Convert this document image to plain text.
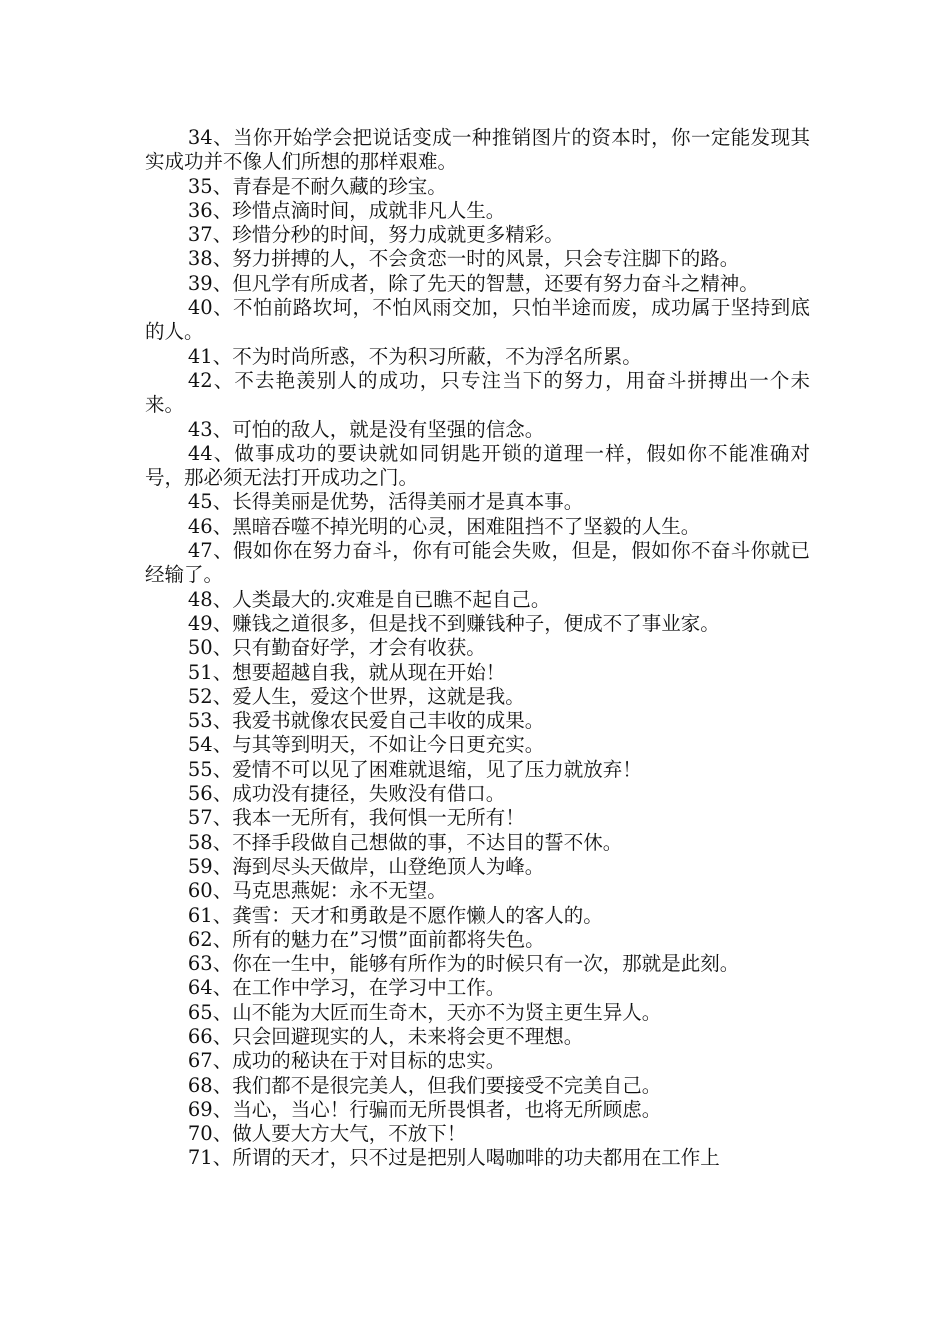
34、当你开始学会把说话变成一种推销图片的资本时，你一定能发现其实成功并不像人们所想的那样艰难。

35、青春是不耐久藏的珍宝。

36、珍惜点滴时间，成就非凡人生。

37、珍惜分秒的时间，努力成就更多精彩。

38、努力拼搏的人，不会贪恋一时的风景，只会专注脚下的路。

39、但凡学有所成者，除了先天的智慧，还要有努力奋斗之精神。

40、不怕前路坎坷，不怕风雨交加，只怕半途而废，成功属于坚持到底的人。

41、不为时尚所惑，不为积习所蔽，不为浮名所累。

42、不去艳羡别人的成功，只专注当下的努力，用奋斗拼搏出一个未来。

43、可怕的敌人，就是没有坚强的信念。

44、做事成功的要诀就如同钥匙开锁的道理一样，假如你不能准确对号，那必须无法打开成功之门。

45、长得美丽是优势，活得美丽才是真本事。

46、黑暗吞噬不掉光明的心灵，困难阻挡不了坚毅的人生。

47、假如你在努力奋斗，你有可能会失败，但是，假如你不奋斗你就已经输了。

48、人类最大的.灾难是自已瞧不起自己。

49、赚钱之道很多，但是找不到赚钱种子，便成不了事业家。

50、只有勤奋好学，才会有收获。

51、想要超越自我，就从现在开始！

52、爱人生，爱这个世界，这就是我。

53、我爱书就像农民爱自己丰收的成果。

54、与其等到明天，不如让今日更充实。

55、爱情不可以见了困难就退缩，见了压力就放弃！

56、成功没有捷径，失败没有借口。

57、我本一无所有，我何惧一无所有！

58、不择手段做自己想做的事，不达目的誓不休。

59、海到尽头天做岸，山登绝顶人为峰。

60、马克思燕妮：永不无望。

61、龚雪：天才和勇敢是不愿作懒人的客人的。

62、所有的魅力在”习惯”面前都将失色。

63、你在一生中，能够有所作为的时候只有一次，那就是此刻。

64、在工作中学习，在学习中工作。

65、山不能为大匠而生奇木，天亦不为贤主更生异人。

66、只会回避现实的人，未来将会更不理想。

67、成功的秘诀在于对目标的忠实。

68、我们都不是很完美人，但我们要接受不完美自己。

69、当心，当心！行骗而无所畏惧者，也将无所顾虑。

70、做人要大方大气，不放下！

71、所谓的天才，只不过是把别人喝咖啡的功夫都用在工作上
